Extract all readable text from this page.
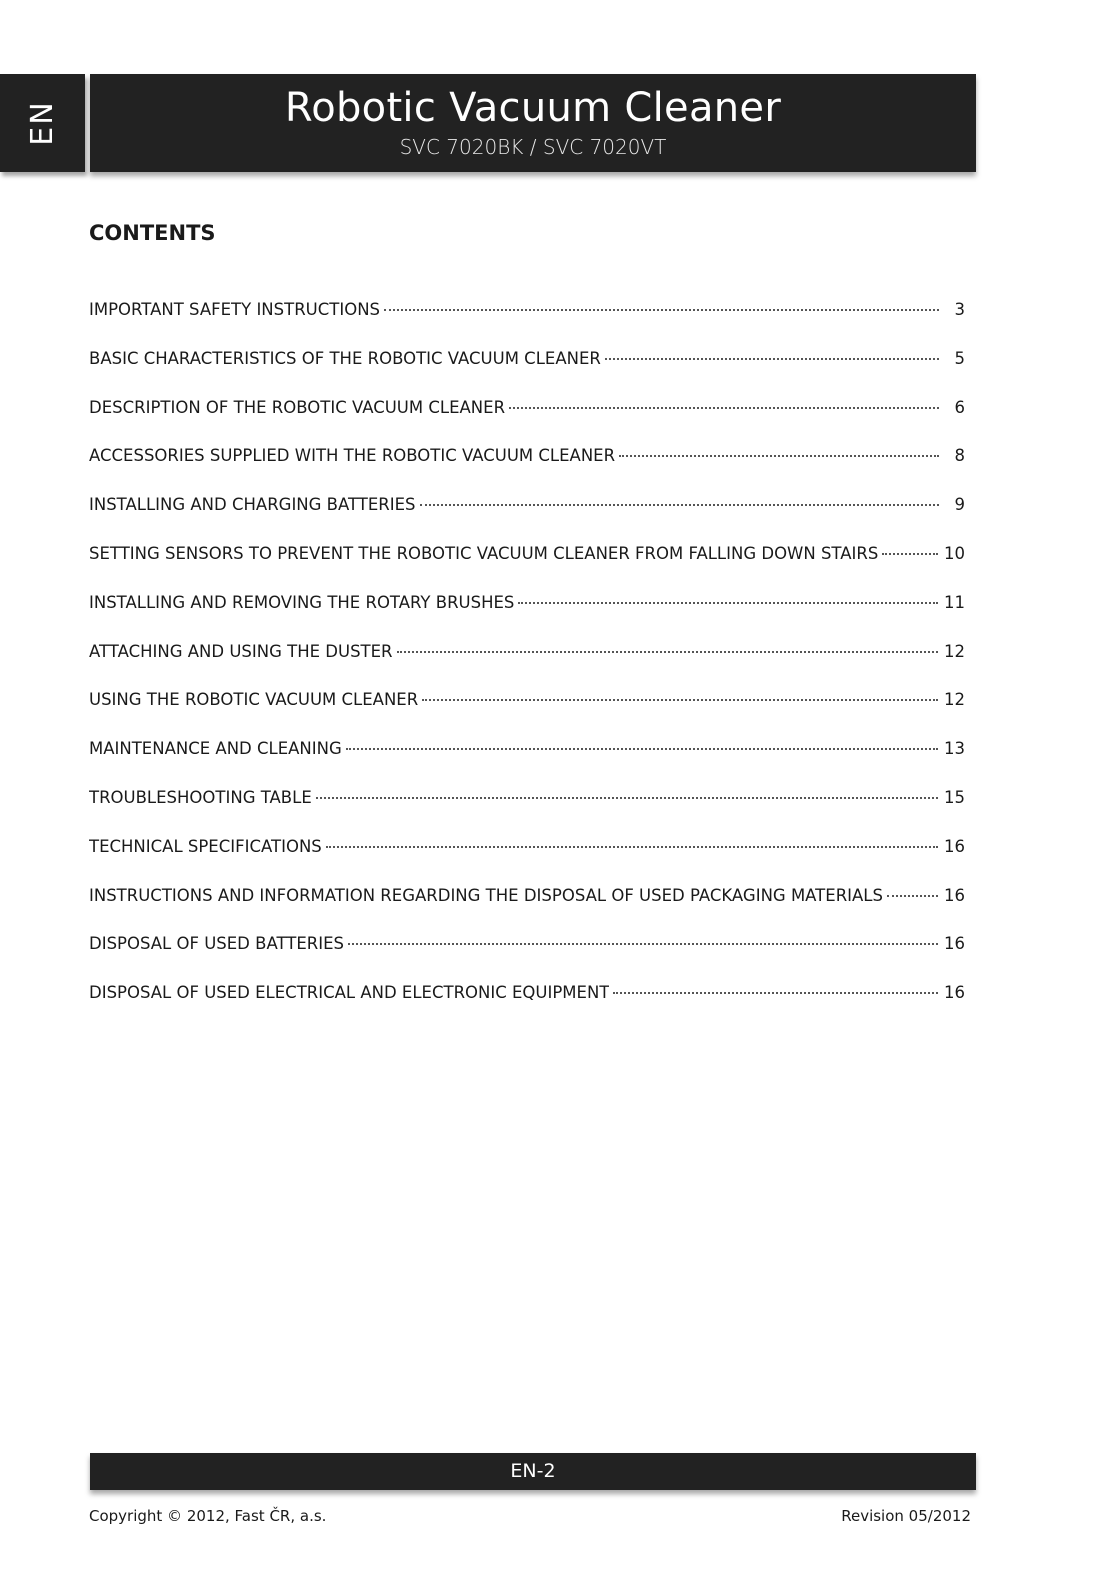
EN	Robotic Vacuum Cleaner
SVC 7020BK / SVC 7020VT
CONTENTS
IMPORTANT SAFETY INSTRUCTIONS	3
BASIC CHARACTERISTICS OF THE ROBOTIC VACUUM CLEANER	5
DESCRIPTION OF THE ROBOTIC VACUUM CLEANER	6
ACCESSORIES SUPPLIED WITH THE ROBOTIC VACUUM CLEANER	8
INSTALLING AND CHARGING BATTERIES	9
SETTING SENSORS TO PREVENT THE ROBOTIC VACUUM CLEANER FROM FALLING DOWN STAIRS	10
INSTALLING AND REMOVING THE ROTARY BRUSHES	11
ATTACHING AND USING THE DUSTER	12
USING THE ROBOTIC VACUUM CLEANER	12
MAINTENANCE AND CLEANING	13
TROUBLESHOOTING TABLE	15
TECHNICAL SPECIFICATIONS	16
INSTRUCTIONS AND INFORMATION REGARDING THE DISPOSAL OF USED PACKAGING MATERIALS	16
DISPOSAL OF USED BATTERIES	16
DISPOSAL OF USED ELECTRICAL AND ELECTRONIC EQUIPMENT	16
EN-2
Copyright © 2012, Fast ČR, a.s.	Revision 05/2012
